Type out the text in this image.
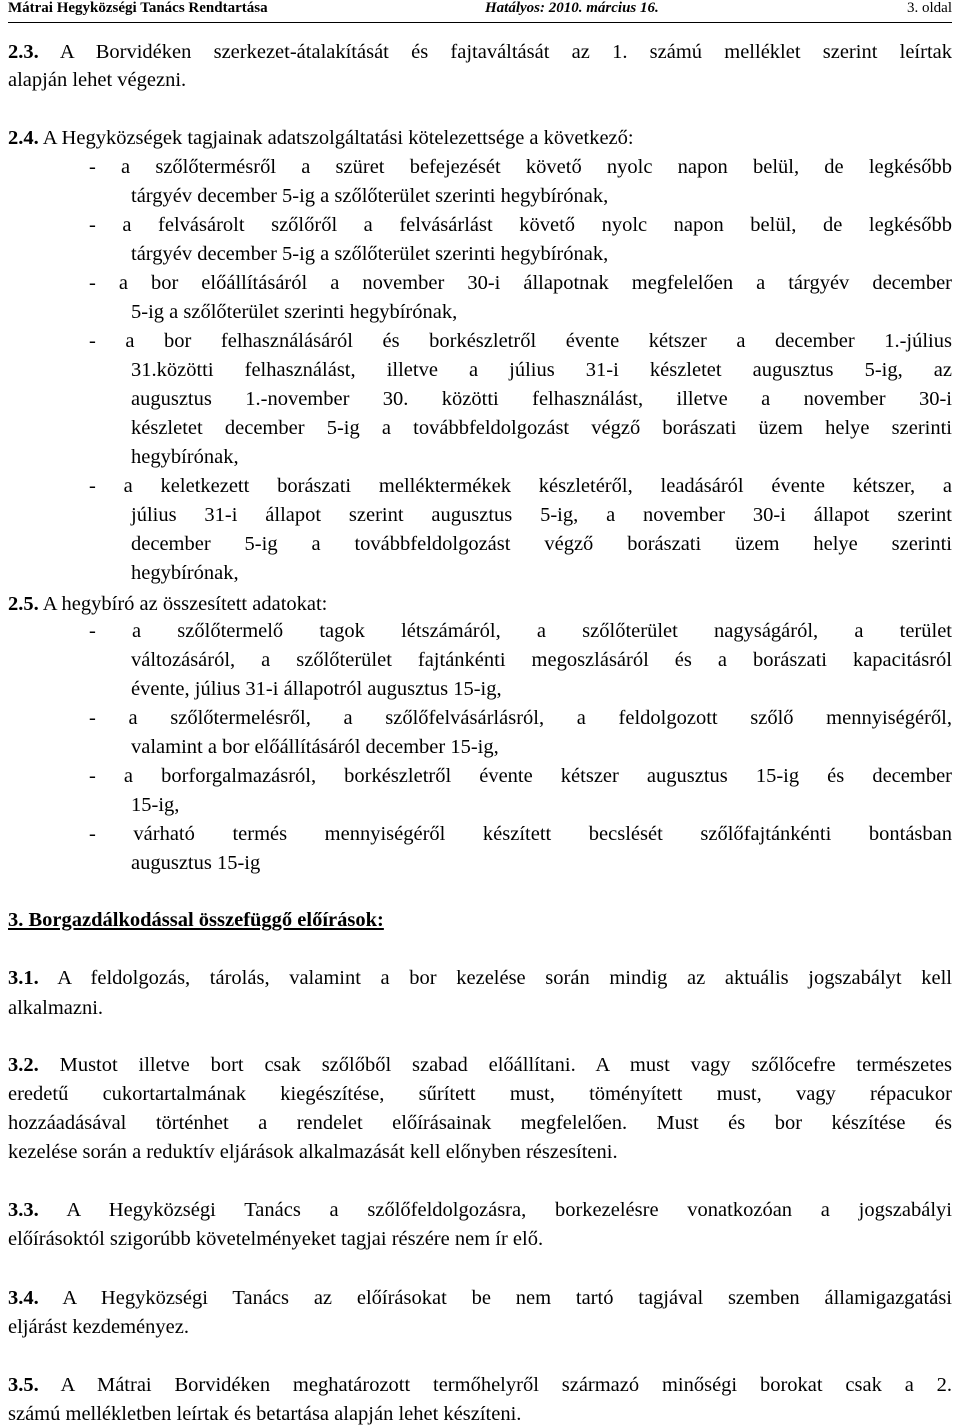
Mátrai Hegyközségi Tanács Rendtartása	Hatályos: 2010. március 16.	3. oldal
2.3. A Borvidéken szerkezet-átalakítását és fajtaváltását az 1. számú melléklet szerint leírtak
alapján lehet végezni.
2.4. A Hegyközségek tagjainak adatszolgáltatási kötelezettsége a következő:
- a szőlőtermésről a szüret befejezését követő nyolc napon belül, de legkésőbb
tárgyév december 5-ig a szőlőterület szerinti hegybírónak,
- a felvásárolt szőlőről a felvásárlást követő nyolc napon belül, de legkésőbb
tárgyév december 5-ig a szőlőterület szerinti hegybírónak,
- a bor előállításáról a november 30-i állapotnak megfelelően a tárgyév december
5-ig a szőlőterület szerinti hegybírónak,
- a bor felhasználásáról és borkészletről évente kétszer a december 1.-július
31.közötti felhasználást, illetve a július 31-i készletet augusztus 5-ig, az
augusztus 1.-november 30. közötti felhasználást, illetve a november 30-i
készletet december 5-ig a továbbfeldolgozást végző borászati üzem helye szerinti
hegybírónak,
- a keletkezett borászati melléktermékek készletéről, leadásáról évente kétszer, a
július 31-i állapot szerint augusztus 5-ig, a november 30-i állapot szerint
december 5-ig a továbbfeldolgozást végző borászati üzem helye szerinti
hegybírónak,
2.5. A hegybíró az összesített adatokat:
- a szőlőtermelő tagok létszámáról, a szőlőterület nagyságáról, a terület
változásáról, a szőlőterület fajtánkénti megoszlásáról és a borászati kapacitásról
évente, július 31-i állapotról augusztus 15-ig,
- a szőlőtermelésről, a szőlőfelvásárlásról, a feldolgozott szőlő mennyiségéről,
valamint a bor előállításáról december 15-ig,
- a borforgalmazásról, borkészletről évente kétszer augusztus 15-ig és december
15-ig,
- várható termés mennyiségéről készített becslését szőlőfajtánkénti bontásban
augusztus 15-ig
3. Borgazdálkodással összefüggő előírások:
3.1. A feldolgozás, tárolás, valamint a bor kezelése során mindig az aktuális jogszabályt kell
alkalmazni.
3.2. Mustot illetve bort csak szőlőből szabad előállítani. A must vagy szőlőcefre természetes
eredetű cukortartalmának kiegészítése, sűrített must, töményített must, vagy répacukor
hozzáadásával történhet a rendelet előírásainak megfelelően. Must és bor készítése és
kezelése során a reduktív eljárások alkalmazását kell előnyben részesíteni.
3.3. A Hegyközségi Tanács a szőlőfeldolgozásra, borkezelésre vonatkozóan a jogszabályi
előírásoktól szigorúbb követelményeket tagjai részére nem ír elő.
3.4. A Hegyközségi Tanács az előírásokat be nem tartó tagjával szemben államigazgatási
eljárást kezdeményez.
3.5. A Mátrai Borvidéken meghatározott termőhelyről származó minőségi borokat csak a 2.
számú mellékletben leírtak és betartása alapján lehet készíteni.
